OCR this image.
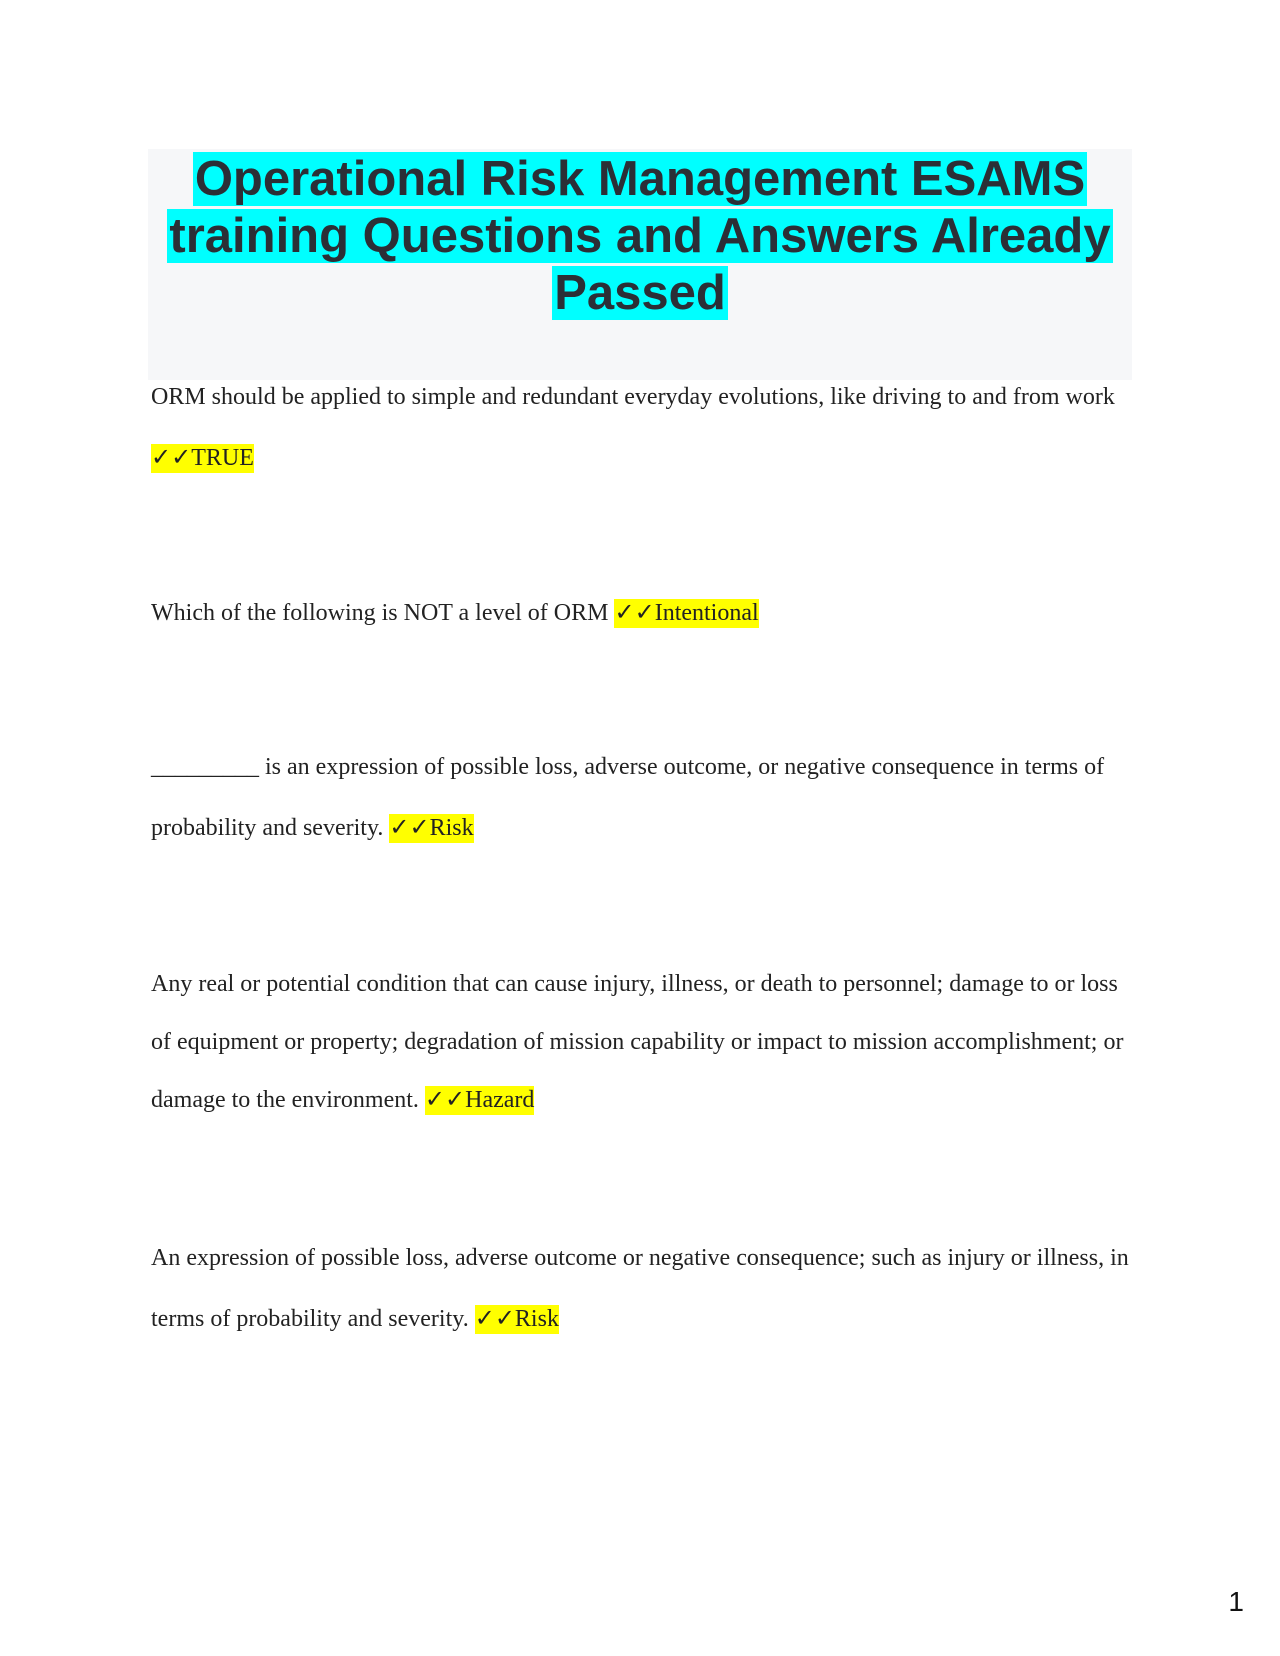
Operational Risk Management ESAMS
training Questions and Answers Already
Passed

ORM should be applied to simple and redundant everyday evolutions, like driving to and from work ✓✓TRUE

Which of the following is NOT a level of ORM ✓✓Intentional

_________ is an expression of possible loss, adverse outcome, or negative consequence in terms of probability and severity. ✓✓Risk

Any real or potential condition that can cause injury, illness, or death to personnel; damage to or loss of equipment or property; degradation of mission capability or impact to mission accomplishment; or damage to the environment. ✓✓Hazard

An expression of possible loss, adverse outcome or negative consequence; such as injury or illness, in terms of probability and severity. ✓✓Risk

1
